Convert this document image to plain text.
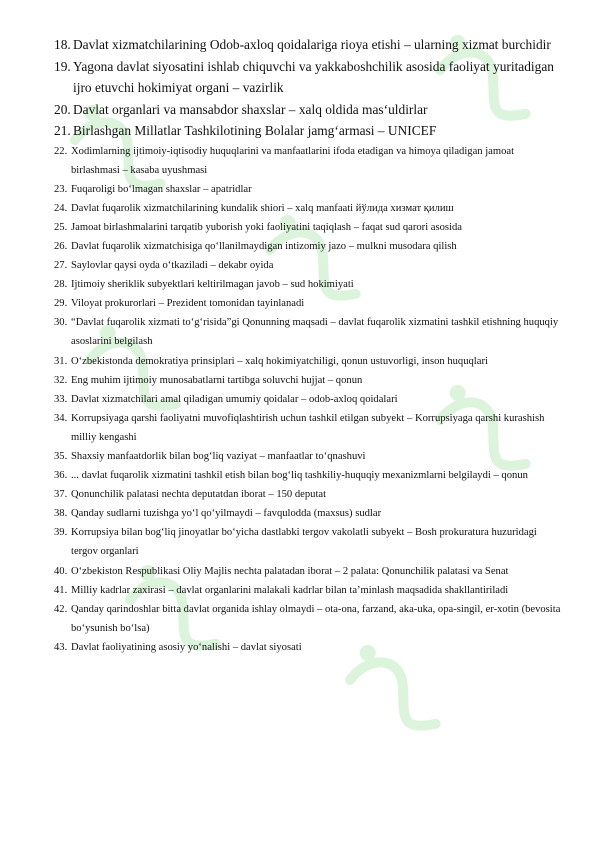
18. Davlat xizmatchilarining Odob-axloq qoidalariga rioya etishi – ularning xizmat burchidir
19. Yagona davlat siyosatini ishlab chiquvchi va yakkaboshchilik asosida faoliyat yuritadigan ijro etuvchi hokimiyat organi – vazirlik
20. Davlat organlari va mansabdor shaxslar – xalq oldida mas‘uldirlar
21. Birlashgan Millatlar Tashkilotining Bolalar jamg‘armasi – UNICEF
22. Xodimlarning ijtimoiy-iqtisodiy huquqlarini va manfaatlarini ifoda etadigan va himoya qiladigan jamoat birlashmasi – kasaba uyushmasi
23. Fuqaroligi bo‘lmagan shaxslar – apatridlar
24. Davlat fuqarolik xizmatchilarining kundalik shiori – xalq manfaati йўлида хизмат қилиш
25. Jamoat birlashmalarini tarqatib yuborish yoki faoliyatini taqiqlash – faqat sud qarori asosida
26. Davlat fuqarolik xizmatchisiga qo‘llanilmaydigan intizomiy jazo – mulkni musodara qilish
27. Saylovlar qaysi oyda o‘tkaziladi – dekabr oyida
28. Ijtimoiy sheriklik subyektlari keltirilmagan javob – sud hokimiyati
29. Viloyat prokurorlari – Prezident tomonidan tayinlanadi
30. “Davlat fuqarolik xizmati to‘g‘risida”gi Qonunning maqsadi – davlat fuqarolik xizmatini tashkil etishning huquqiy asoslarini belgilash
31. O‘zbekistonda demokratiya prinsiplari – xalq hokimiyatchiligi, qonun ustuvorligi, inson huquqlari
32. Eng muhim ijtimoiy munosabatlarni tartibga soluvchi hujjat – qonun
33. Davlat xizmatchilari amal qiladigan umumiy qoidalar – odob-axloq qoidalari
34. Korrupsiyaga qarshi faoliyatni muvofiqlashtirish uchun tashkil etilgan subyekt – Korrupsiyaga qarshi kurashish milliy kengashi
35. Shaxsiy manfaatdorlik bilan bog‘liq vaziyat – manfaatlar to‘qnashuvi
36. ... davlat fuqarolik xizmatini tashkil etish bilan bog‘liq tashkiliy-huquqiy mexanizmlarni belgilaydi – qonun
37. Qonunchilik palatasi nechta deputatdan iborat – 150 deputat
38. Qanday sudlarni tuzishga yo‘l qo‘yilmaydi – favqulodda (maxsus) sudlar
39. Korrupsiya bilan bog‘liq jinoyatlar bo‘yicha dastlabki tergov vakolatli subyekt – Bosh prokuratura huzuridagi tergov organlari
40. O‘zbekiston Respublikasi Oliy Majlis nechta palatadan iborat – 2 palata: Qonunchilik palatasi va Senat
41. Milliy kadrlar zaxirasi – davlat organlarini malakali kadrlar bilan ta’minlash maqsadida shakllantiriladi
42. Qanday qarindoshlar bitta davlat organida ishlay olmaydi – ota-ona, farzand, aka-uka, opa-singil, er-xotin (bevosita bo‘ysunish bo‘lsa)
43. Davlat faoliyatining asosiy yo‘nalishi – davlat siyosati
